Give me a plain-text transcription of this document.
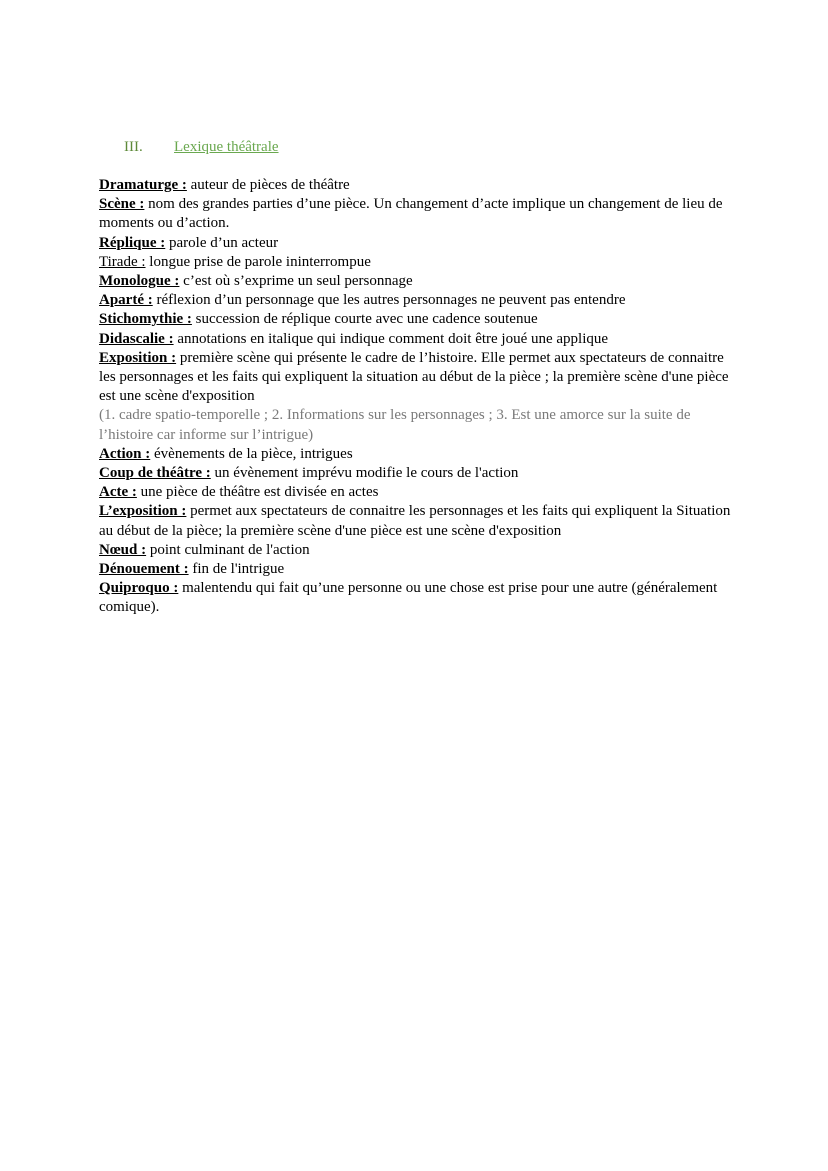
III. Lexique théâtrale

Dramaturge : auteur de pièces de théâtre

Scène : nom des grandes parties d’une pièce. Un changement d’acte implique un changement de lieu de moments ou d’action.

Réplique : parole d’un acteur

Tirade : longue prise de parole ininterrompue

Monologue : c’est où s’exprime un seul personnage

Aparté : réflexion d’un personnage que les autres personnages ne peuvent pas entendre

Stichomythie : succession de réplique courte avec une cadence soutenue

Didascalie : annotations en italique qui indique comment doit être joué une applique

Exposition : première scène qui présente le cadre de l’histoire. Elle permet aux spectateurs de connaitre les personnages et les faits qui expliquent la situation au début de la pièce ; la première scène d'une pièce est une scène d'exposition

(1. cadre spatio-temporelle ; 2. Informations sur les personnages ; 3. Est une amorce sur la suite de l’histoire car informe sur l’intrigue)

Action : évènements de la pièce, intrigues

Coup de théâtre : un évènement imprévu modifie le cours de l'action

Acte : une pièce de théâtre est divisée en actes

L’exposition : permet aux spectateurs de connaitre les personnages et les faits qui expliquent la Situation au début de la pièce; la première scène d'une pièce est une scène d'exposition

Nœud : point culminant de l'action

Dénouement : fin de l'intrigue

Quiproquo : malentendu qui fait qu’une personne ou une chose est prise pour une autre (généralement comique).
